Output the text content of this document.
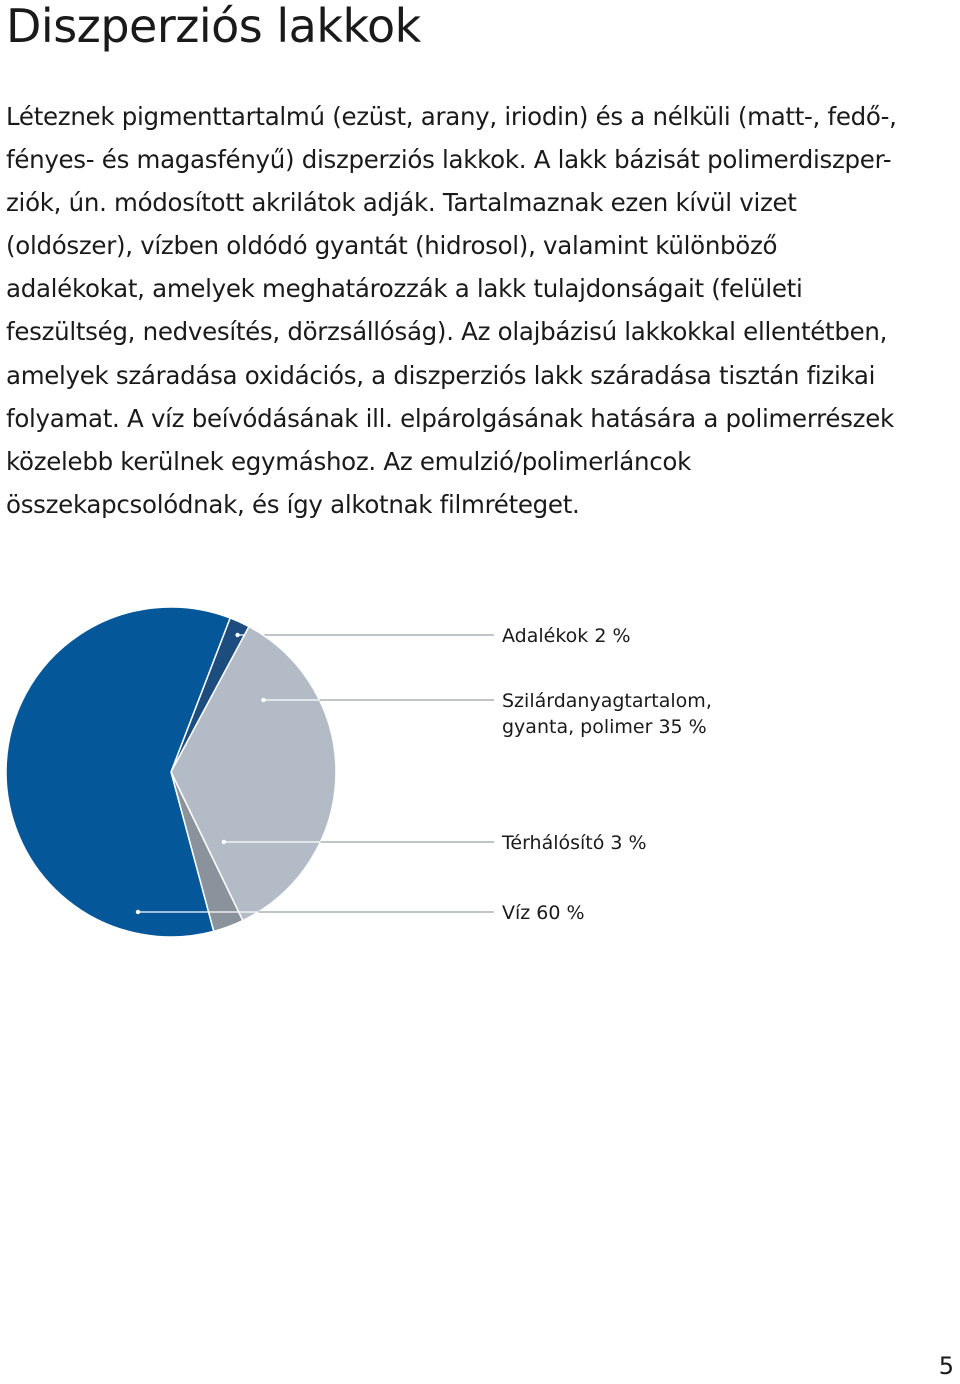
Diszperziós lakkok
Léteznek pigmenttartalmú (ezüst, arany, iriodin) és a nélküli (matt-, fedő-,
fényes- és magasfényű) diszperziós lakkok. A lakk bázisát polimerdiszper-
ziók, ún. módosított akrilátok adják. Tartalmaznak ezen kívül vizet
(oldószer), vízben oldódó gyantát (hidrosol), valamint különböző
adalékokat, amelyek meghatározzák a lakk tulajdonságait (felületi
feszültség, nedvesítés, dörzsállóság). Az olajbázisú lakkokkal ellentétben,
amelyek száradása oxidációs, a diszperziós lakk száradása tisztán fizikai
folyamat. A víz beívódásának ill. elpárolgásának hatására a polimerrészek
közelebb kerülnek egymáshoz. Az emulzió/polimerláncok
összekapcsolódnak, és így alkotnak filmréteget.
Adalékok 2 %
Szilárdanyagtartalom, gyanta, polimer 35 %
Térhálósító 3 %
Víz 60 %
5
